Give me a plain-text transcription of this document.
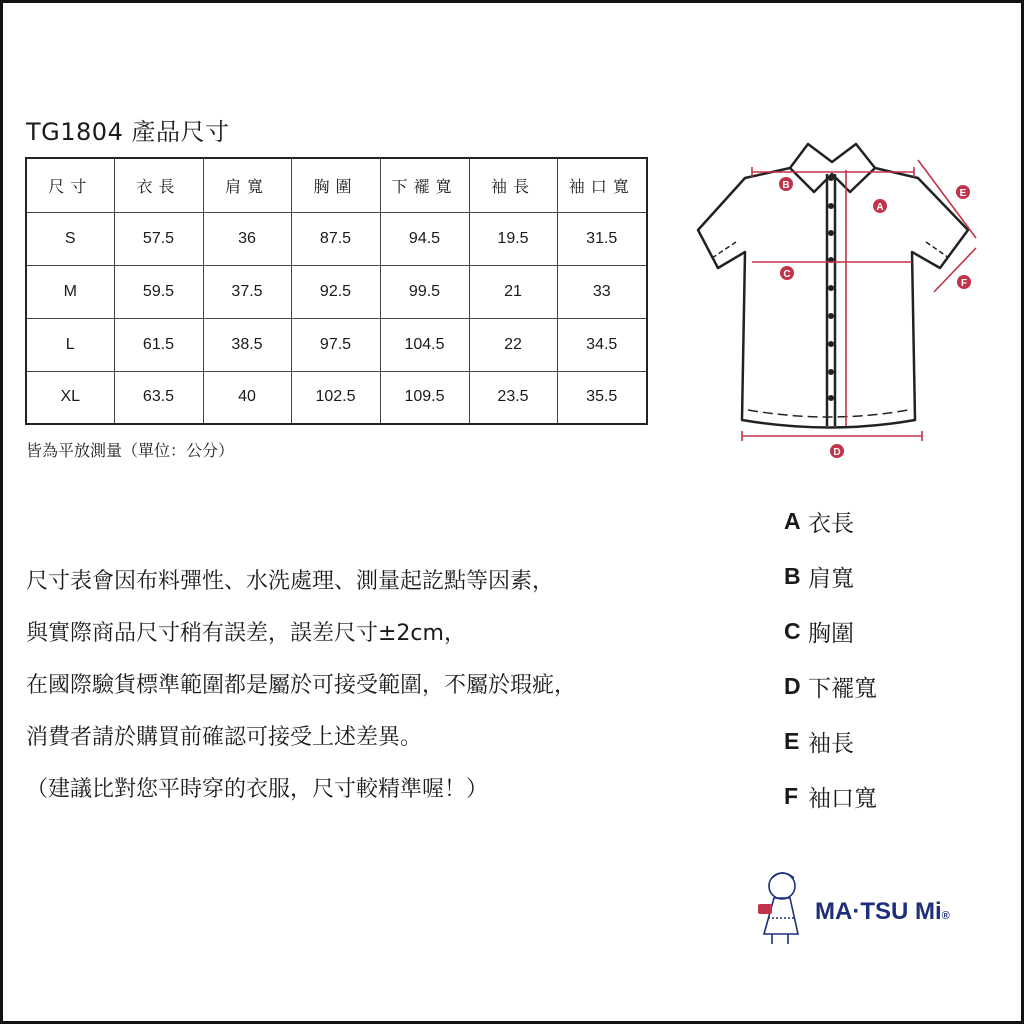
TG1804 產品尺寸
尺寸	衣長	肩寬	胸圍	下襬寬	袖長	袖口寬
S	57.5	36	87.5	94.5	19.5	31.5
M	59.5	37.5	92.5	99.5	21	33
L	61.5	38.5	97.5	104.5	22	34.5
XL	63.5	40	102.5	109.5	23.5	35.5
皆為平放測量（單位：公分）
尺寸表會因布料彈性、水洗處理、測量起訖點等因素，
與實際商品尺寸稍有誤差，誤差尺寸±2cm，
在國際驗貨標準範圍都是屬於可接受範圍，不屬於瑕疵，
消費者請於購買前確認可接受上述差異。
（建議比對您平時穿的衣服，尺寸較精準喔！）
B
A
C
D
E
F
A 衣長
B 肩寬
C 胸圍
D 下襬寬
E 袖長
F 袖口寬
MA·TSU Mi®
